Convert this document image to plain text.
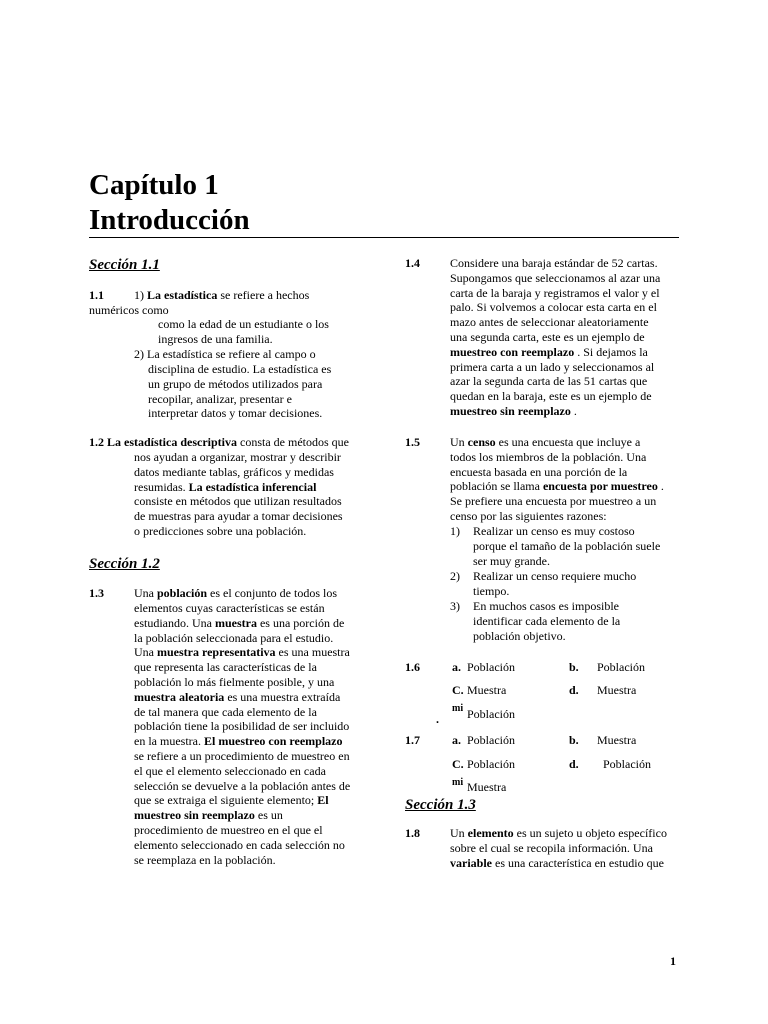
Capítulo 1
Introducción
Sección 1.1
1.1	1) La estadística se refiere a hechos
numéricos como
como la edad de un estudiante o los
ingresos de una familia.
2) La estadística se refiere al campo o
disciplina de estudio. La estadística es
un grupo de métodos utilizados para
recopilar, analizar, presentar e
interpretar datos y tomar decisiones.
1.2 La estadística descriptiva consta de métodos que
nos ayudan a organizar, mostrar y describir
datos mediante tablas, gráficos y medidas
resumidas. La estadística inferencial
consiste en métodos que utilizan resultados
de muestras para ayudar a tomar decisiones
o predicciones sobre una población.
Sección 1.2
1.3	Una población es el conjunto de todos los
elementos cuyas características se están
estudiando. Una muestra es una porción de
la población seleccionada para el estudio.
Una muestra representativa es una muestra
que representa las características de la
población lo más fielmente posible, y una
muestra aleatoria es una muestra extraída
de tal manera que cada elemento de la
población tiene la posibilidad de ser incluido
en la muestra. El muestreo con reemplazo
se refiere a un procedimiento de muestreo en
el que el elemento seleccionado en cada
selección se devuelve a la población antes de
que se extraiga el siguiente elemento; El
muestreo sin reemplazo es un
procedimiento de muestreo en el que el
elemento seleccionado en cada selección no
se reemplaza en la población.
1.4	Considere una baraja estándar de 52 cartas.
Supongamos que seleccionamos al azar una
carta de la baraja y registramos el valor y el
palo. Si volvemos a colocar esta carta en el
mazo antes de seleccionar aleatoriamente
una segunda carta, este es un ejemplo de
muestreo con reemplazo . Si dejamos la
primera carta a un lado y seleccionamos al
azar la segunda carta de las 51 cartas que
quedan en la baraja, este es un ejemplo de
muestreo sin reemplazo .
1.5	Un censo es una encuesta que incluye a
todos los miembros de la población. Una
encuesta basada en una porción de la
población se llama encuesta por muestreo .
Se prefiere una encuesta por muestreo a un
censo por las siguientes razones:
1) Realizar un censo es muy costoso
porque el tamaño de la población suele
ser muy grande.
2) Realizar un censo requiere mucho
tiempo.
3) En muchos casos es imposible
identificar cada elemento de la
población objetivo.
1.6	a. Población	b. Población
C. Muestra	d. Muestra
mi Población
.
1.7	a. Población	b. Muestra
C. Población	d. Población
mi Muestra
Sección 1.3
1.8	Un elemento es un sujeto u objeto específico
sobre el cual se recopila información. Una
variable es una característica en estudio que
1
